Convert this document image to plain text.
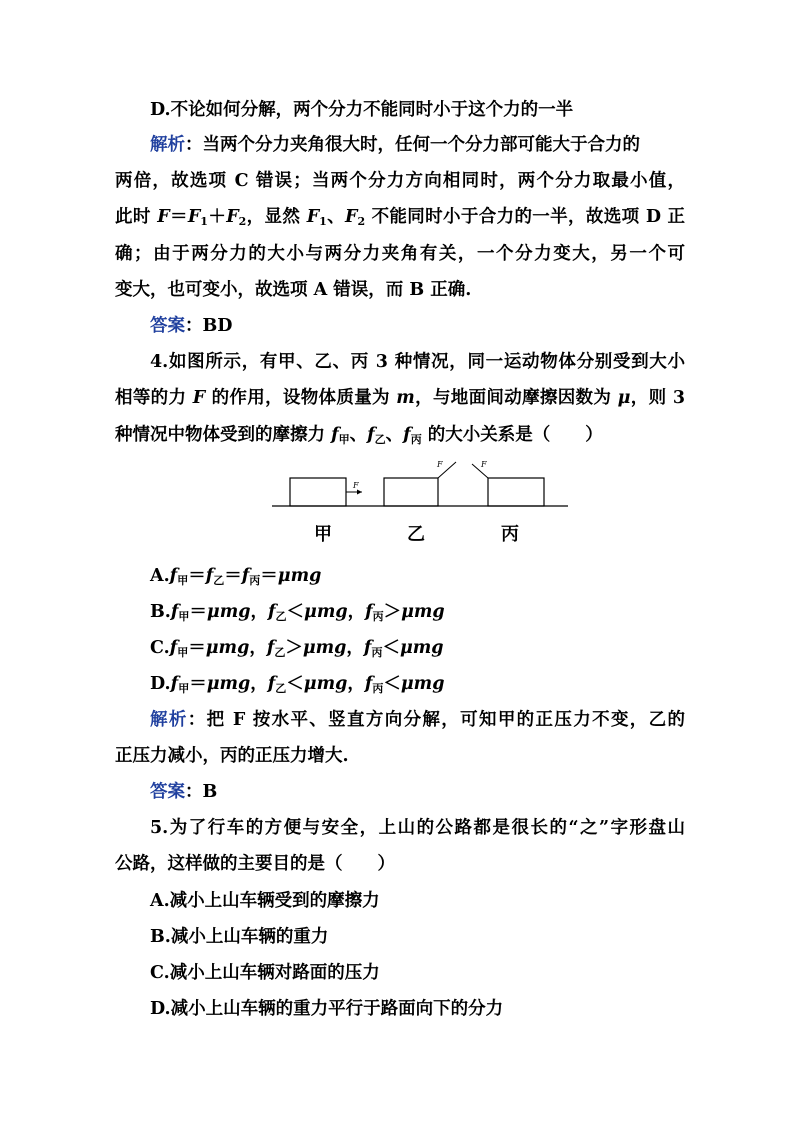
D.不论如何分解，两个分力不能同时小于这个力的一半
解析：当两个分力夹角很大时，任何一个分力部可能大于合力的
两倍，故选项 C 错误；当两个分力方向相同时，两个分力取最小值，
此时 $F=F_1+F_2$，显然 $F_1$、$F_2$ 不能同时小于合力的一半，故选项 D 正
确；由于两分力的大小与两分力夹角有关，一个分力变大，另一个可
变大，也可变小，故选项 A 错误，而 B 正确.
答案：BD
4.如图所示，有甲、乙、丙 3 种情况，同一运动物体分别受到大小
相等的力 F 的作用，设物体质量为 m，与地面间动摩擦因数为 μ，则 3
种情况中物体受到的摩擦力 $f_甲$、$f_乙$、$f_丙$ 的大小关系是（　　）
F
F	F
甲	乙	丙
$A.f_甲=f_乙=f_丙=\mu mg$
$B.f_甲=\mu mg$，$f_乙<\mu mg$，$f_丙>\mu mg$
$C.f_甲=\mu mg$，$f_乙>\mu mg$，$f_丙<\mu mg$
$D.f_甲=\mu mg$，$f_乙<\mu mg$，$f_丙<\mu mg$
解析：把 F 按水平、竖直方向分解，可知甲的正压力不变，乙的
正压力减小，丙的正压力增大.
答案：B
5.为了行车的方便与安全，上山的公路都是很长的“之”字形盘山
公路，这样做的主要目的是（　　）
A.减小上山车辆受到的摩擦力
B.减小上山车辆的重力
C.减小上山车辆对路面的压力
D.减小上山车辆的重力平行于路面向下的分力
